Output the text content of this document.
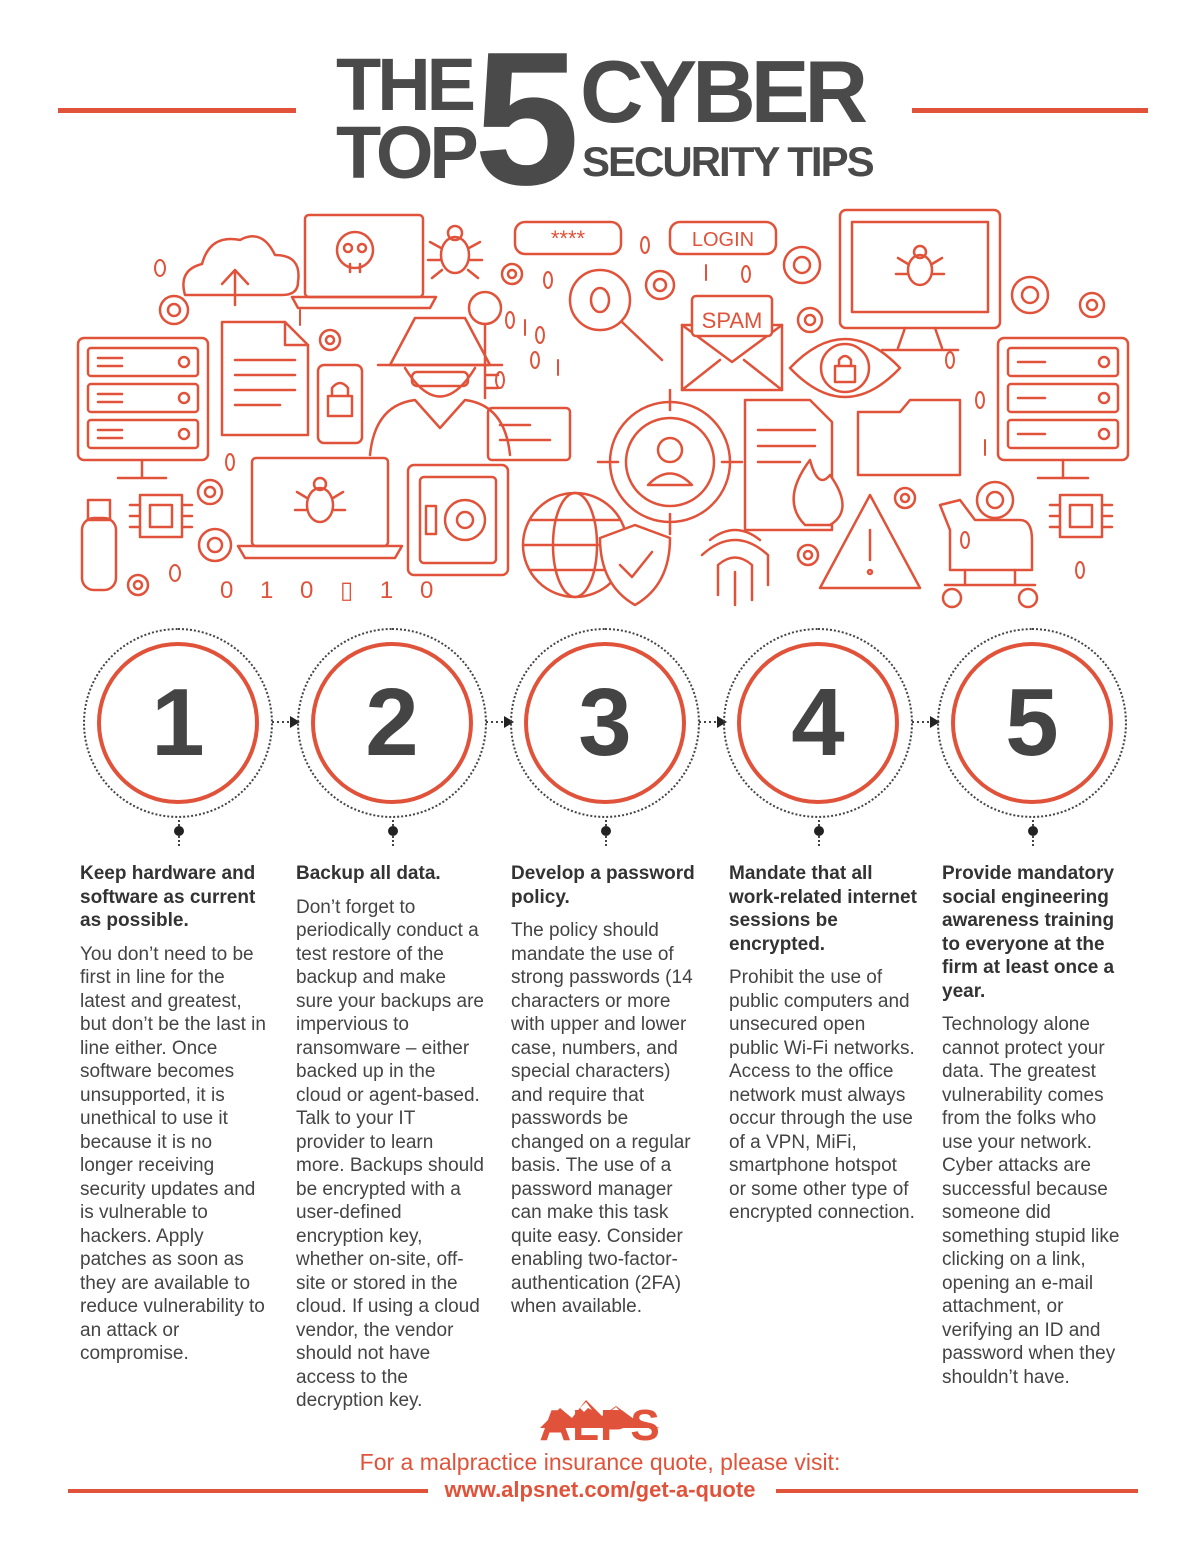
THE
TOP 5 CYBER
SECURITY TIPS
****	LOGIN
SPAM
0 1 0 ▯ 1 0
1
Keep hardware and software as current as possible.

You don’t need to be first in line for the latest and greatest, but don’t be the last in line either. Once software becomes unsupported, it is unethical to use it because it is no longer receiving security updates and is vulnerable to hackers. Apply patches as soon as they are available to reduce vulnerability to an attack or compromise.

2
Backup all data.

Don’t forget to periodically conduct a test restore of the backup and make sure your backups are impervious to ransomware – either backed up in the cloud or agent-based. Talk to your IT provider to learn more. Backups should be encrypted with a user-defined encryption key, whether on-site, off-site or stored in the cloud. If using a cloud vendor, the vendor should not have access to the decryption key.

3
Develop a password policy.

The policy should mandate the use of strong passwords (14 characters or more with upper and lower case, numbers, and special characters) and require that passwords be changed on a regular basis. The use of a password manager can make this task quite easy. Consider enabling two-factor-authentication (2FA) when available.

4
Mandate that all work-related internet sessions be encrypted.

Prohibit the use of public computers and unsecured open public Wi-Fi networks. Access to the office network must always occur through the use of a VPN, MiFi, smartphone hotspot or some other type of encrypted connection.

5
Provide mandatory social engineering awareness training to everyone at the firm at least once a year.

Technology alone cannot protect your data. The greatest vulnerability comes from the folks who use your network. Cyber attacks are successful because someone did something stupid like clicking on a link, opening an e-mail attachment, or verifying an ID and password when they shouldn’t have.

ALPS
For a malpractice insurance quote, please visit:
www.alpsnet.com/get-a-quote
